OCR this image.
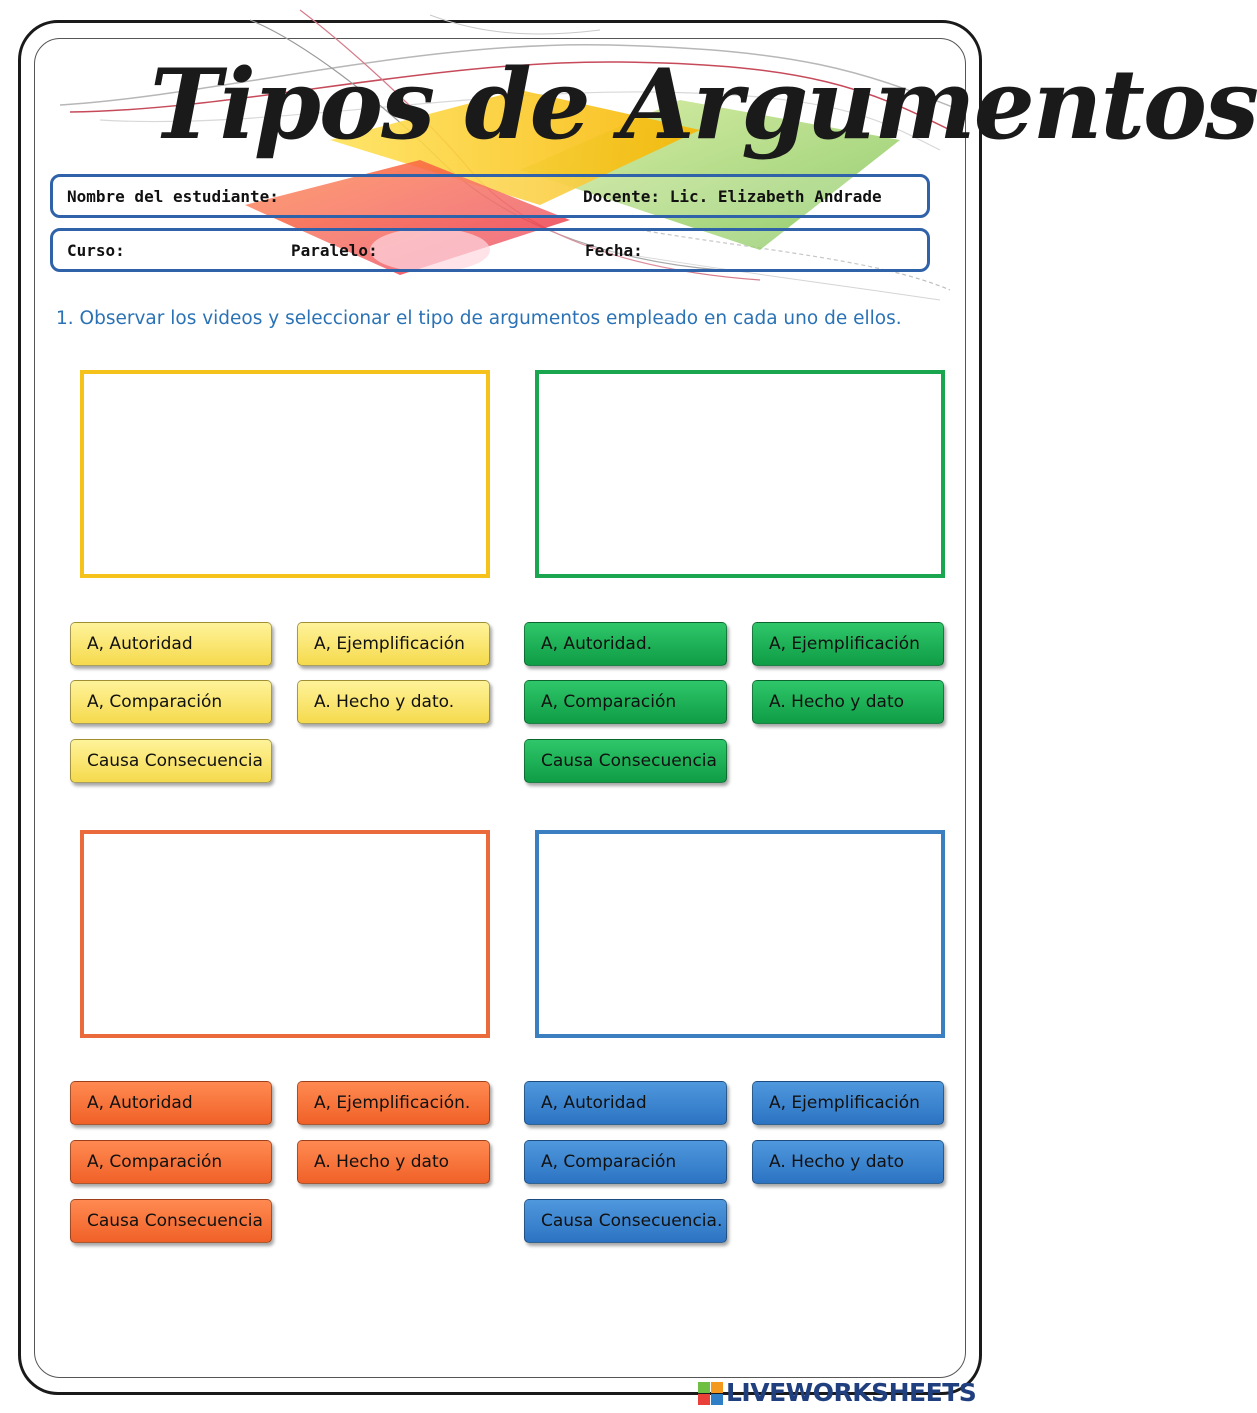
Tipos de Argumentos
Nombre del estudiante:	Docente: Lic. Elizabeth Andrade
Curso:	Paralelo:	Fecha:
1. Observar los videos y seleccionar el tipo de argumentos empleado en cada uno de ellos.
A, Autoridad	A, Ejemplificación
A, Comparación	A. Hecho y dato.
Causa Consecuencia
A, Autoridad.	A, Ejemplificación
A, Comparación	A. Hecho y dato
Causa Consecuencia
A, Autoridad	A, Ejemplificación.
A, Comparación	A. Hecho y dato
Causa Consecuencia
A, Autoridad	A, Ejemplificación
A, Comparación	A. Hecho y dato
Causa Consecuencia.
LIVEWORKSHEETS
